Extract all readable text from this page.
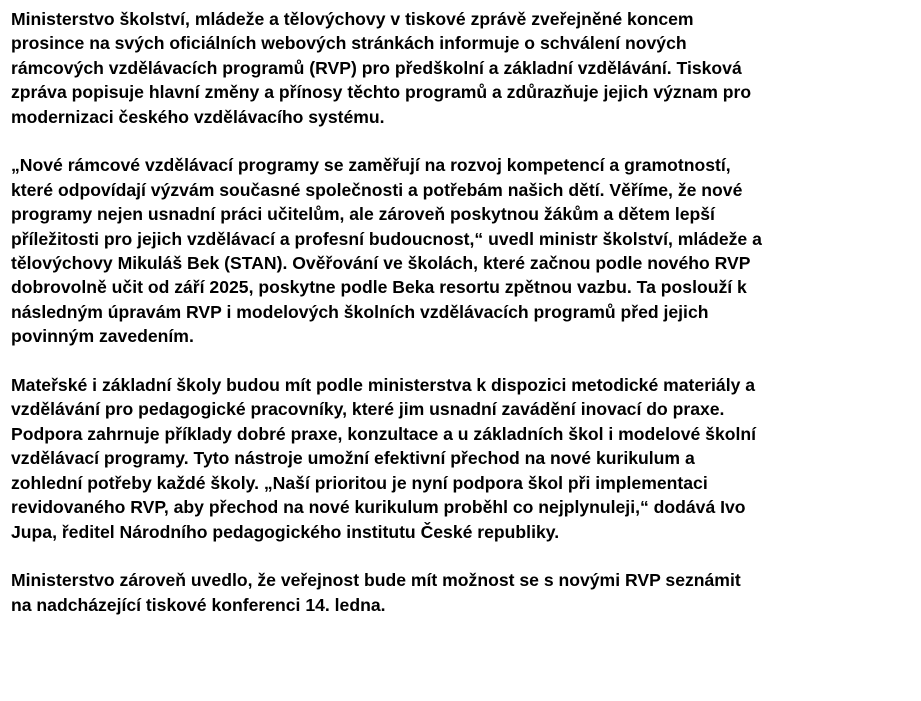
Ministerstvo školství, mládeže a tělovýchovy v tiskové zprávě zveřejněné koncem
prosince na svých oficiálních webových stránkách informuje o schválení nových
rámcových vzdělávacích programů (RVP) pro předškolní a základní vzdělávání. Tisková
zpráva popisuje hlavní změny a přínosy těchto programů a zdůrazňuje jejich význam pro
modernizaci českého vzdělávacího systému.

„Nové rámcové vzdělávací programy se zaměřují na rozvoj kompetencí a gramotností,
které odpovídají výzvám současné společnosti a potřebám našich dětí. Věříme, že nové
programy nejen usnadní práci učitelům, ale zároveň poskytnou žákům a dětem lepší
příležitosti pro jejich vzdělávací a profesní budoucnost,“ uvedl ministr školství, mládeže a
tělovýchovy Mikuláš Bek (STAN). Ověřování ve školách, které začnou podle nového RVP
dobrovolně učit od září 2025, poskytne podle Beka resortu zpětnou vazbu. Ta poslouží k
následným úpravám RVP i modelových školních vzdělávacích programů před jejich
povinným zavedením.

Mateřské i základní školy budou mít podle ministerstva k dispozici metodické materiály a
vzdělávání pro pedagogické pracovníky, které jim usnadní zavádění inovací do praxe.
Podpora zahrnuje příklady dobré praxe, konzultace a u základních škol i modelové školní
vzdělávací programy. Tyto nástroje umožní efektivní přechod na nové kurikulum a
zohlední potřeby každé školy. „Naší prioritou je nyní podpora škol při implementaci
revidovaného RVP, aby přechod na nové kurikulum proběhl co nejplynuleji,“ dodává Ivo
Jupa, ředitel Národního pedagogického institutu České republiky.

Ministerstvo zároveň uvedlo, že veřejnost bude mít možnost se s novými RVP seznámit
na nadcházející tiskové konferenci 14. ledna.
